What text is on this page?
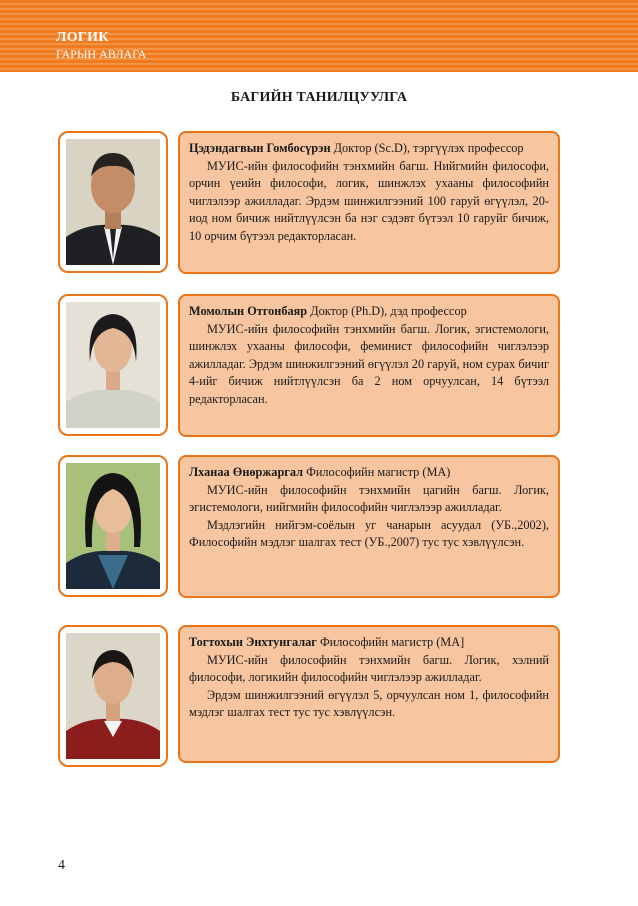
ЛОГИК
ГАРЫН АВЛАГА
БАГИЙН ТАНИЛЦУУЛГА

Цэдэндагвын Гомбосүрэн Доктор (Sc.D), тэргүүлэх профессор

МУИС-ийн философийн тэнхмийн багш. Нийгмийн философи, орчин үеийн философи, логик, шинжлэх ухааны философийн чиглэлээр ажилладаг. Эрдэм шинжилгээний 100 гаруй өгүүлэл, 20-иод ном бичиж нийтлүүлсэн ба нэг сэдэвт бүтээл 10 гаруйг бичиж, 10 орчим бүтээл редакторласан.

Момолын Отгонбаяр Доктор (Ph.D), дэд профессор

МУИС-ийн философийн тэнхмийн багш. Логик, эгистемологи, шинжлэх ухааны философи, феминист философийн чиглэлээр ажилладаг. Эрдэм шинжилгээний өгүүлэл 20 гаруй, ном сурах бичиг 4-ийг бичиж нийтлүүлсэн ба 2 ном орчуулсан, 14 бүтээл редакторласан.

Лханаа Өнөржаргал Философийн магистр (МА)

МУИС-ийн философийн тэнхмийн цагийн багш. Логик, эгистемологи, нийгмийн философийн чиглэлээр ажилладаг.

Мэдлэгийн нийгэм-соёлын уг чанарын асуудал (УБ.,2002), Философийн мэдлэг шалгах тест (УБ.,2007) тус тус хэвлүүлсэн.

Тогтохын Энхтунгалаг Философийн магистр (МА]

МУИС-ийн философийн тэнхмийн багш. Логик, хэлний философи, логикийн философийн чиглэлээр ажилладаг.

Эрдэм шинжилгээний өгүүлэл 5, орчуулсан ном 1, философийн мэдлэг шалгах тест тус тус хэвлүүлсэн.

4
